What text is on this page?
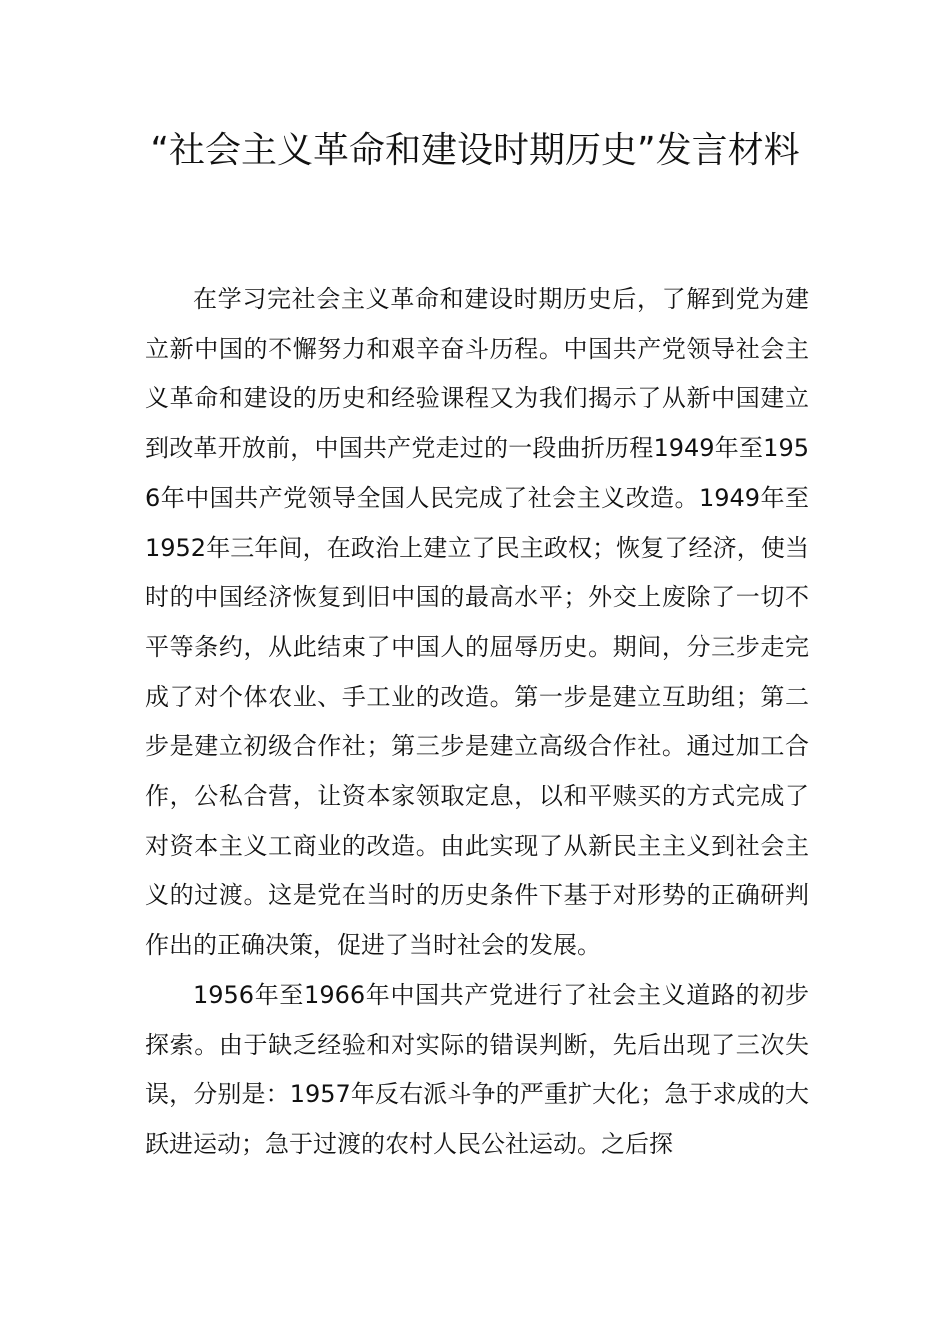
“社会主义革命和建设时期历史”发言材料

在学习完社会主义革命和建设时期历史后，了解到党为建立新中国的不懈努力和艰辛奋斗历程。中国共产党领导社会主义革命和建设的历史和经验课程又为我们揭示了从新中国建立到改革开放前，中国共产党走过的一段曲折历程1949年至1956年中国共产党领导全国人民完成了社会主义改造。1949年至1952年三年间，在政治上建立了民主政权；恢复了经济，使当时的中国经济恢复到旧中国的最高水平；外交上废除了一切不平等条约，从此结束了中国人的屈辱历史。期间，分三步走完成了对个体农业、手工业的改造。第一步是建立互助组；第二步是建立初级合作社；第三步是建立高级合作社。通过加工合作，公私合营，让资本家领取定息，以和平赎买的方式完成了对资本主义工商业的改造。由此实现了从新民主主义到社会主义的过渡。这是党在当时的历史条件下基于对形势的正确研判作出的正确决策，促进了当时社会的发展。

1956年至1966年中国共产党进行了社会主义道路的初步探索。由于缺乏经验和对实际的错误判断，先后出现了三次失误，分别是：1957年反右派斗争的严重扩大化；急于求成的大跃进运动；急于过渡的农村人民公社运动。之后探
